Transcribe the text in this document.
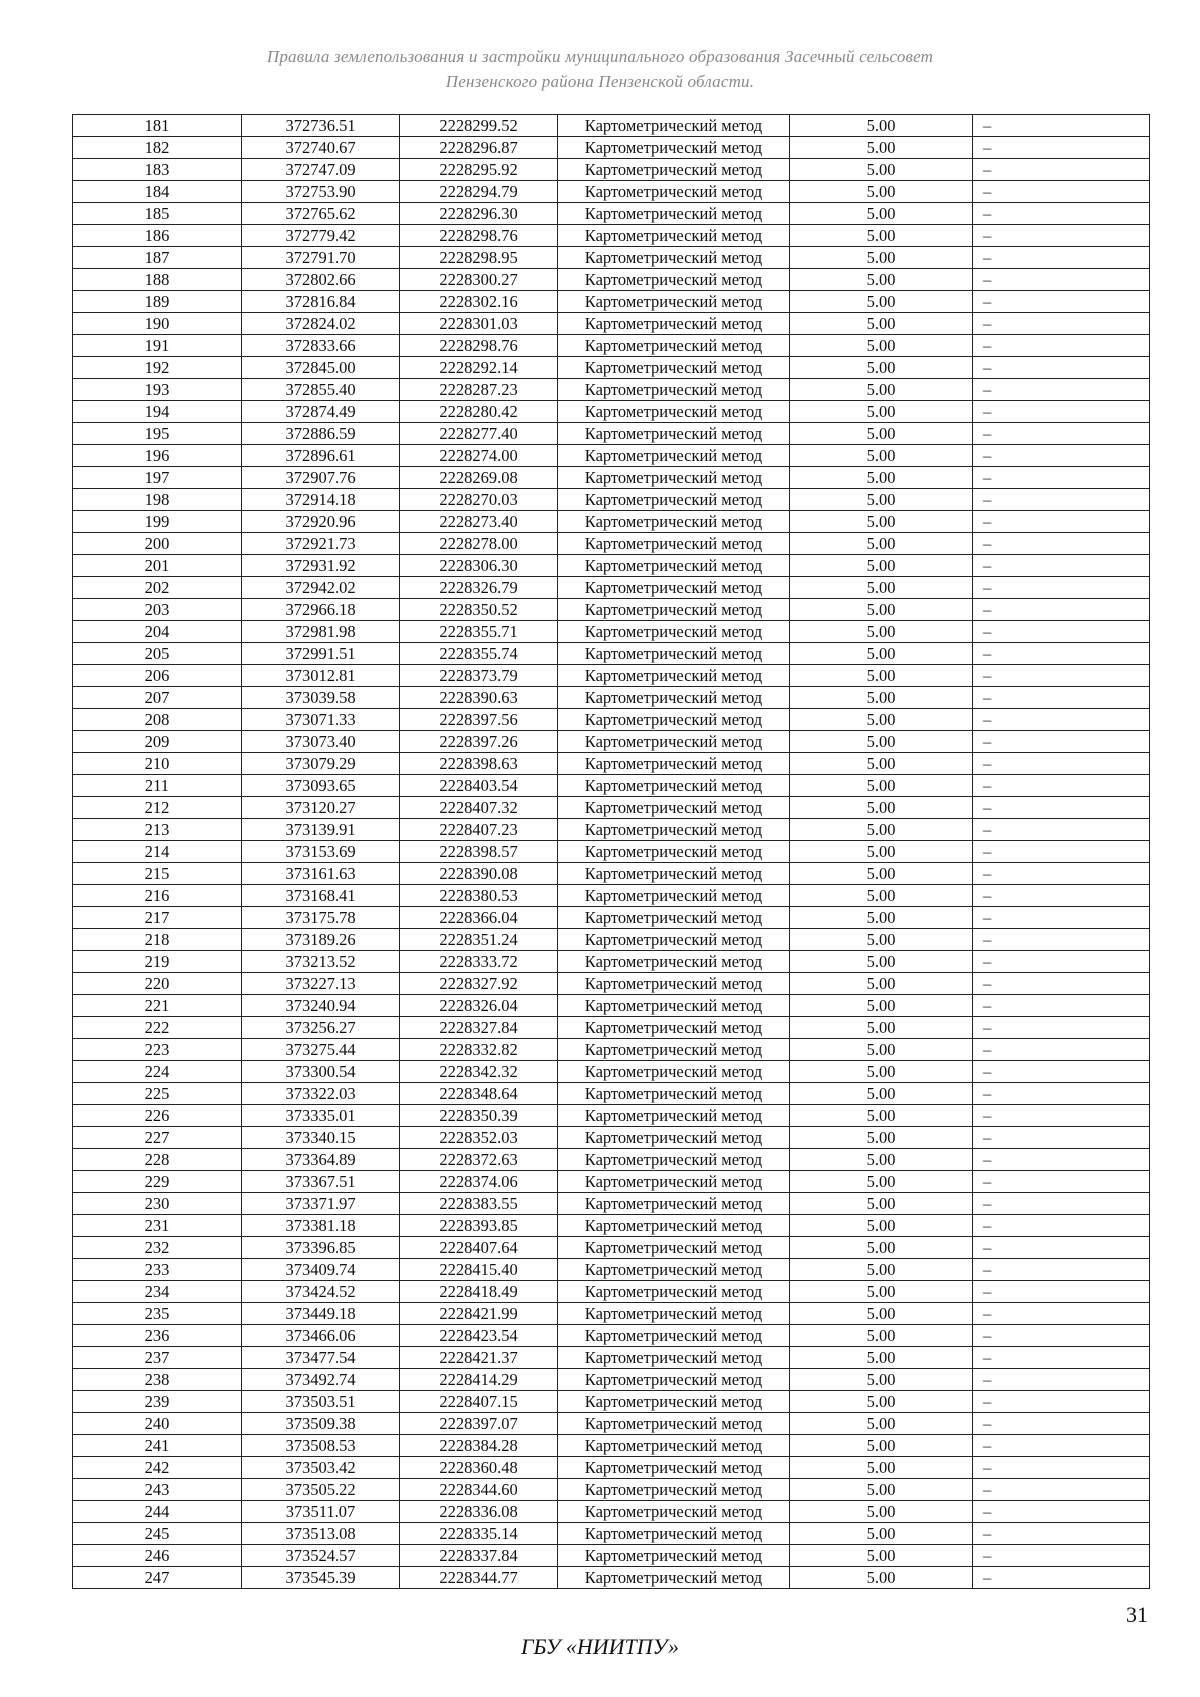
Правила землепользования и застройки муниципального образования Засечный сельсовет
Пензенского района Пензенской области.
181	372736.51	2228299.52	Картометрический метод	5.00	–
182	372740.67	2228296.87	Картометрический метод	5.00	–
183	372747.09	2228295.92	Картометрический метод	5.00	–
184	372753.90	2228294.79	Картометрический метод	5.00	–
185	372765.62	2228296.30	Картометрический метод	5.00	–
186	372779.42	2228298.76	Картометрический метод	5.00	–
187	372791.70	2228298.95	Картометрический метод	5.00	–
188	372802.66	2228300.27	Картометрический метод	5.00	–
189	372816.84	2228302.16	Картометрический метод	5.00	–
190	372824.02	2228301.03	Картометрический метод	5.00	–
191	372833.66	2228298.76	Картометрический метод	5.00	–
192	372845.00	2228292.14	Картометрический метод	5.00	–
193	372855.40	2228287.23	Картометрический метод	5.00	–
194	372874.49	2228280.42	Картометрический метод	5.00	–
195	372886.59	2228277.40	Картометрический метод	5.00	–
196	372896.61	2228274.00	Картометрический метод	5.00	–
197	372907.76	2228269.08	Картометрический метод	5.00	–
198	372914.18	2228270.03	Картометрический метод	5.00	–
199	372920.96	2228273.40	Картометрический метод	5.00	–
200	372921.73	2228278.00	Картометрический метод	5.00	–
201	372931.92	2228306.30	Картометрический метод	5.00	–
202	372942.02	2228326.79	Картометрический метод	5.00	–
203	372966.18	2228350.52	Картометрический метод	5.00	–
204	372981.98	2228355.71	Картометрический метод	5.00	–
205	372991.51	2228355.74	Картометрический метод	5.00	–
206	373012.81	2228373.79	Картометрический метод	5.00	–
207	373039.58	2228390.63	Картометрический метод	5.00	–
208	373071.33	2228397.56	Картометрический метод	5.00	–
209	373073.40	2228397.26	Картометрический метод	5.00	–
210	373079.29	2228398.63	Картометрический метод	5.00	–
211	373093.65	2228403.54	Картометрический метод	5.00	–
212	373120.27	2228407.32	Картометрический метод	5.00	–
213	373139.91	2228407.23	Картометрический метод	5.00	–
214	373153.69	2228398.57	Картометрический метод	5.00	–
215	373161.63	2228390.08	Картометрический метод	5.00	–
216	373168.41	2228380.53	Картометрический метод	5.00	–
217	373175.78	2228366.04	Картометрический метод	5.00	–
218	373189.26	2228351.24	Картометрический метод	5.00	–
219	373213.52	2228333.72	Картометрический метод	5.00	–
220	373227.13	2228327.92	Картометрический метод	5.00	–
221	373240.94	2228326.04	Картометрический метод	5.00	–
222	373256.27	2228327.84	Картометрический метод	5.00	–
223	373275.44	2228332.82	Картометрический метод	5.00	–
224	373300.54	2228342.32	Картометрический метод	5.00	–
225	373322.03	2228348.64	Картометрический метод	5.00	–
226	373335.01	2228350.39	Картометрический метод	5.00	–
227	373340.15	2228352.03	Картометрический метод	5.00	–
228	373364.89	2228372.63	Картометрический метод	5.00	–
229	373367.51	2228374.06	Картометрический метод	5.00	–
230	373371.97	2228383.55	Картометрический метод	5.00	–
231	373381.18	2228393.85	Картометрический метод	5.00	–
232	373396.85	2228407.64	Картометрический метод	5.00	–
233	373409.74	2228415.40	Картометрический метод	5.00	–
234	373424.52	2228418.49	Картометрический метод	5.00	–
235	373449.18	2228421.99	Картометрический метод	5.00	–
236	373466.06	2228423.54	Картометрический метод	5.00	–
237	373477.54	2228421.37	Картометрический метод	5.00	–
238	373492.74	2228414.29	Картометрический метод	5.00	–
239	373503.51	2228407.15	Картометрический метод	5.00	–
240	373509.38	2228397.07	Картометрический метод	5.00	–
241	373508.53	2228384.28	Картометрический метод	5.00	–
242	373503.42	2228360.48	Картометрический метод	5.00	–
243	373505.22	2228344.60	Картометрический метод	5.00	–
244	373511.07	2228336.08	Картометрический метод	5.00	–
245	373513.08	2228335.14	Картометрический метод	5.00	–
246	373524.57	2228337.84	Картометрический метод	5.00	–
247	373545.39	2228344.77	Картометрический метод	5.00	–
31
ГБУ «НИИТПУ»
